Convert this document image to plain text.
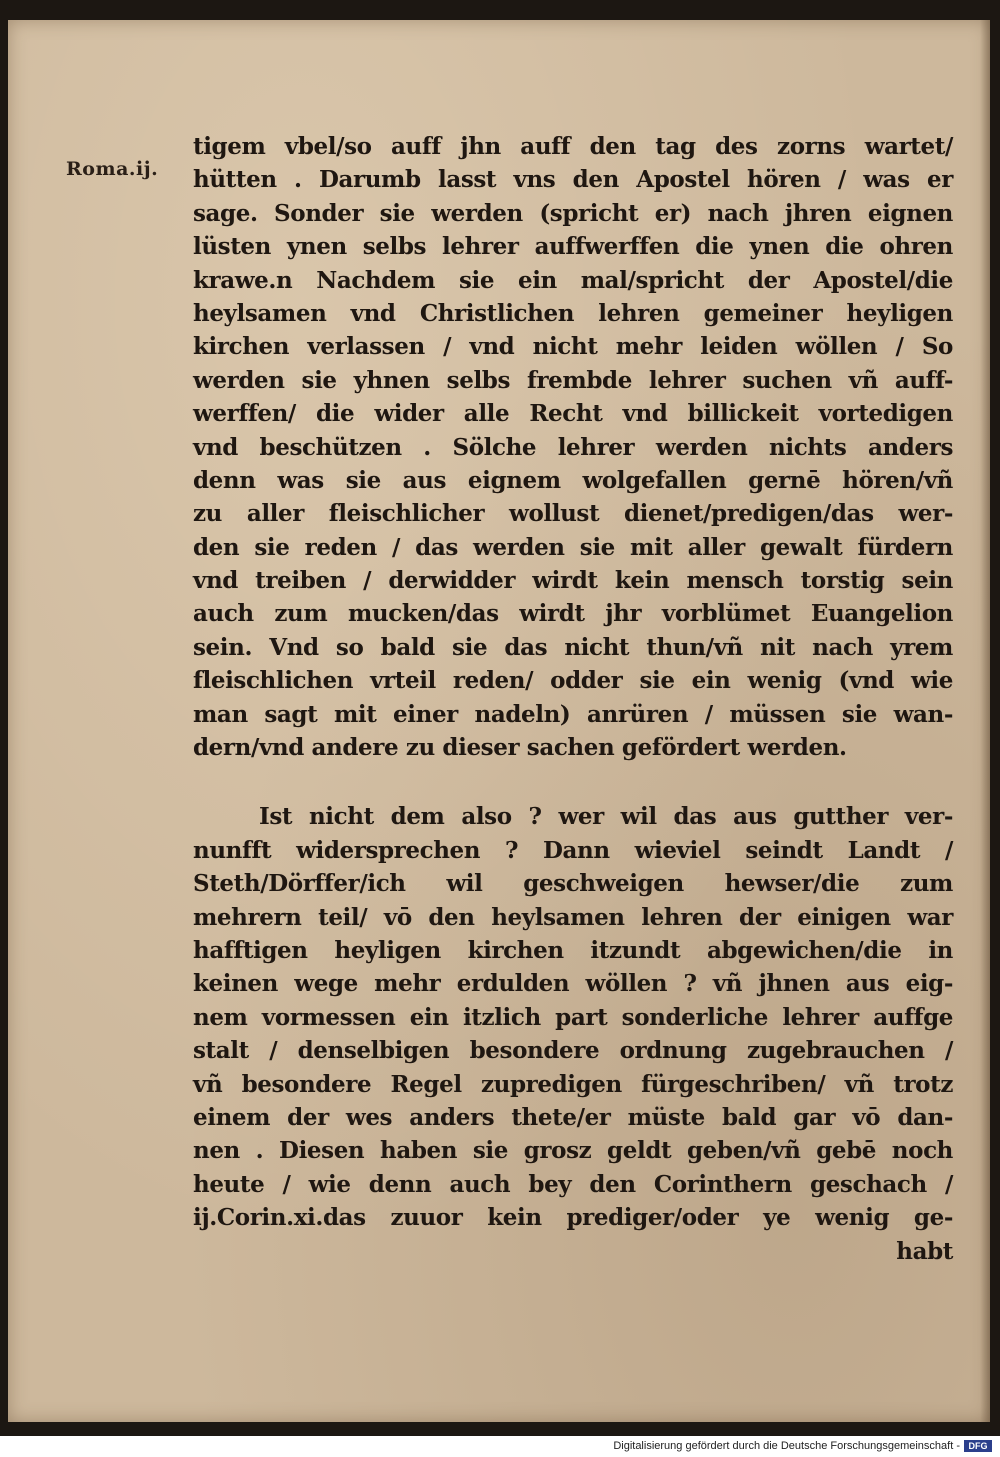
Roma.ij.
tigem vbel/so auff jhn auff den tag des zorns wartet/
hütten . Darumb lasst vns den Apostel hören / was er
sage. Sonder sie werden (spricht er) nach jhren eignen
lüsten ynen selbs lehrer auffwerffen die ynen die ohren
krawe.n Nachdem sie ein mal/spricht der Apostel/die
heylsamen vnd Christlichen lehren gemeiner heyligen
kirchen verlassen / vnd nicht mehr leiden wöllen / So
werden sie yhnen selbs frembde lehrer suchen vñ auff-
werffen/ die wider alle Recht vnd billickeit vortedigen
vnd beschützen . Sölche lehrer werden nichts anders
denn was sie aus eignem wolgefallen gernē hören/vñ
zu aller fleischlicher wollust dienet/predigen/das wer-
den sie reden / das werden sie mit aller gewalt fürdern
vnd treiben / derwidder wirdt kein mensch torstig sein
auch zum mucken/das wirdt jhr vorblümet Euangelion
sein. Vnd so bald sie das nicht thun/vñ nit nach yrem
fleischlichen vrteil reden/ odder sie ein wenig (vnd wie
man sagt mit einer nadeln) anrüren / müssen sie wan-
dern/vnd andere zu dieser sachen gefördert werden.
Ist nicht dem also ? wer wil das aus gutther ver-
nunfft widersprechen ? Dann wieviel seindt Landt /
Steth/Dörffer/ich wil geschweigen hewser/die zum
mehrern teil/ vō den heylsamen lehren der einigen war
hafftigen heyligen kirchen itzundt abgewichen/die in
keinen wege mehr erdulden wöllen ? vñ jhnen aus eig-
nem vormessen ein itzlich part sonderliche lehrer auffge
stalt / denselbigen besondere ordnung zugebrauchen /
vñ besondere Regel zupredigen fürgeschriben/ vñ trotz
einem der wes anders thete/er müste bald gar vō dan-
nen . Diesen haben sie grosz geldt geben/vñ gebē noch
heute / wie denn auch bey den Corinthern geschach /
ij.Corin.xi.das zuuor kein prediger/oder ye wenig ge-
habt
Digitalisierung gefördert durch die Deutsche Forschungsgemeinschaft - DFG
